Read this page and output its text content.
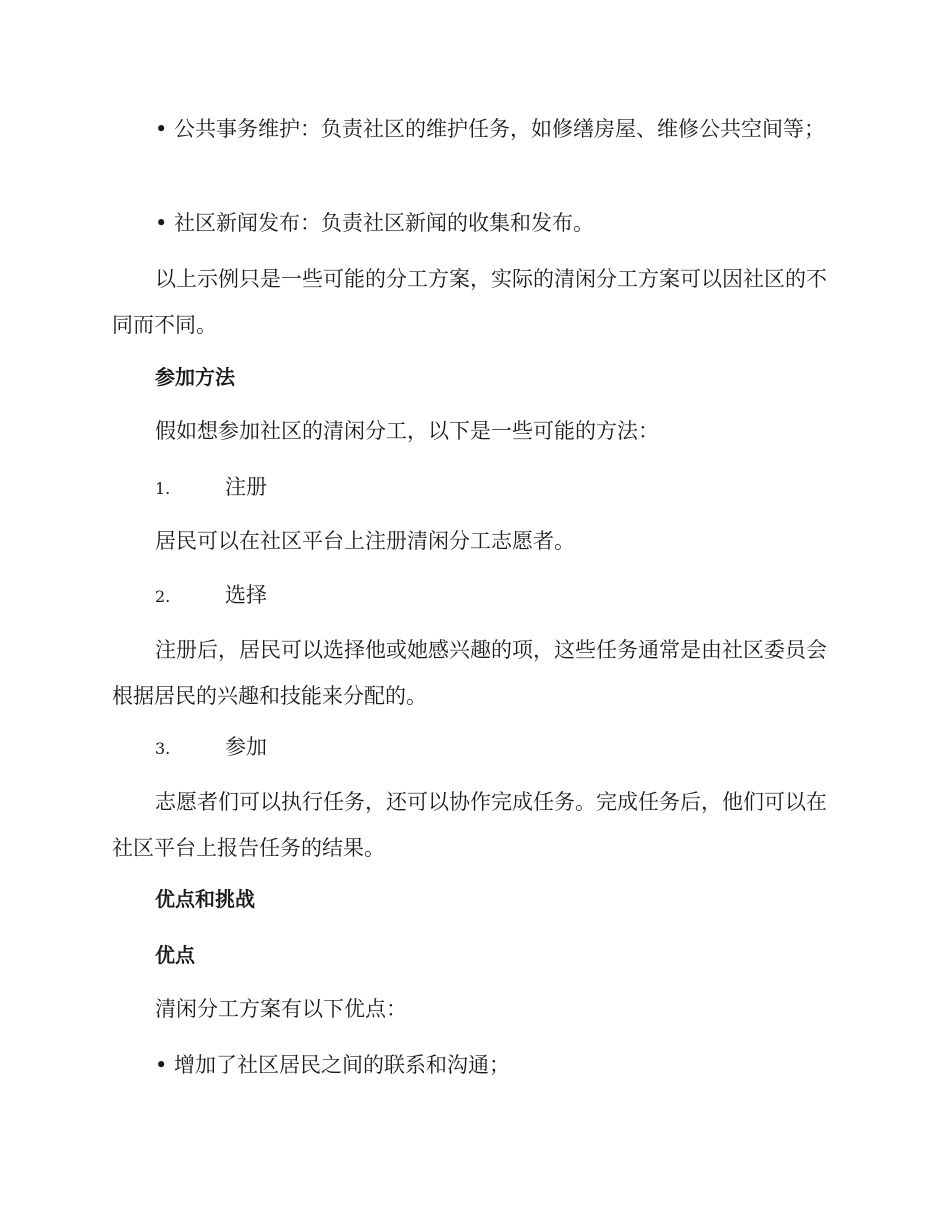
• 公共事务维护：负责社区的维护任务，如修缮房屋、维修公共空间等；
• 社区新闻发布：负责社区新闻的收集和发布。
以上示例只是一些可能的分工方案，实际的清闲分工方案可以因社区的不同而不同。
参加方法
假如想参加社区的清闲分工，以下是一些可能的方法：
1.	注册
居民可以在社区平台上注册清闲分工志愿者。
2.	选择
注册后，居民可以选择他或她感兴趣的项，这些任务通常是由社区委员会根据居民的兴趣和技能来分配的。
3.	参加
志愿者们可以执行任务，还可以协作完成任务。完成任务后，他们可以在社区平台上报告任务的结果。
优点和挑战
优点
清闲分工方案有以下优点：
• 增加了社区居民之间的联系和沟通；
